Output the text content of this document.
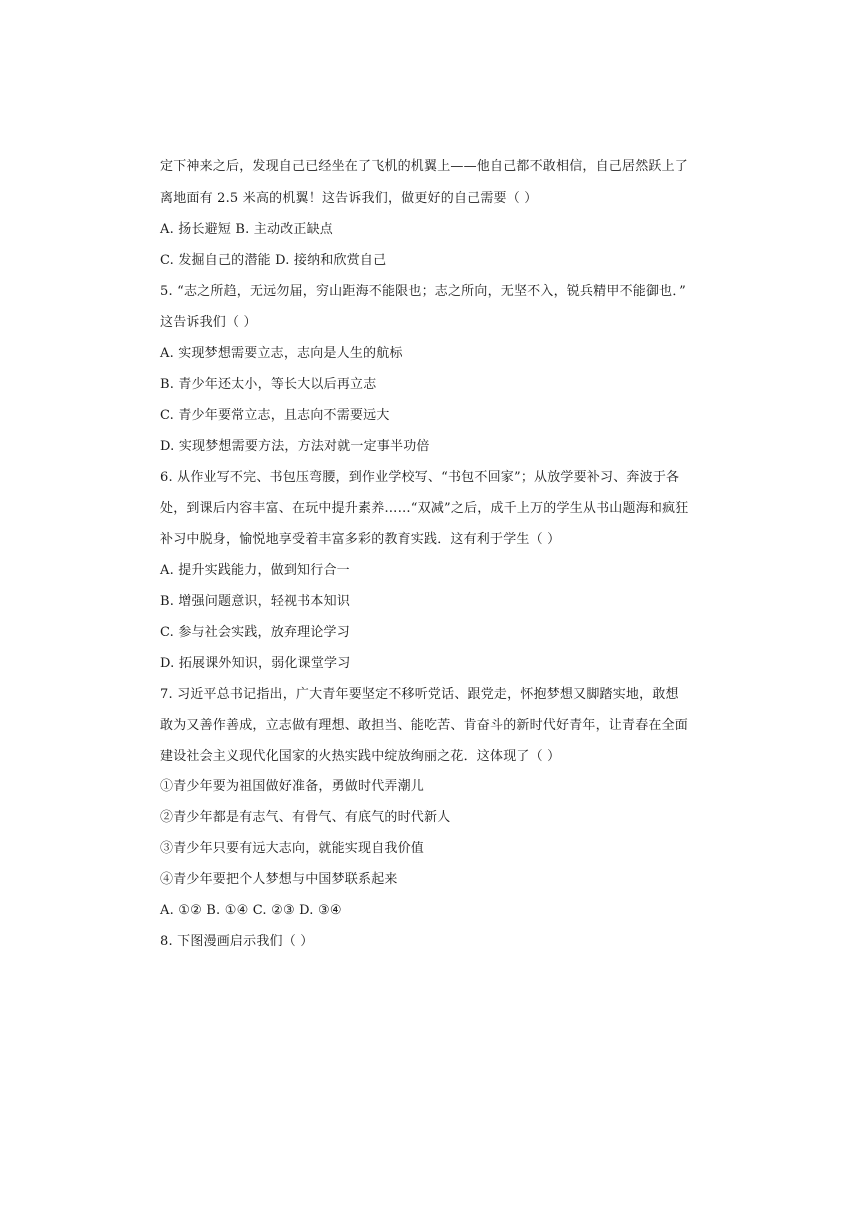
定下神来之后，发现自己已经坐在了飞机的机翼上——他自己都不敢相信，自己居然跃上了
离地面有 2.5 米高的机翼！这告诉我们，做更好的自己需要（ ）
A. 扬长避短 B. 主动改正缺点
C. 发掘自己的潜能 D. 接纳和欣赏自己
5. “志之所趋，无远勿届，穷山距海不能限也；志之所向，无坚不入，锐兵精甲不能御也．”
这告诉我们（ ）
A. 实现梦想需要立志，志向是人生的航标
B. 青少年还太小，等长大以后再立志
C. 青少年要常立志，且志向不需要远大
D. 实现梦想需要方法，方法对就一定事半功倍
6. 从作业写不完、书包压弯腰，到作业学校写、“书包不回家”；从放学要补习、奔波于各
处，到课后内容丰富、在玩中提升素养……“双减”之后，成千上万的学生从书山题海和疯狂
补习中脱身，愉悦地享受着丰富多彩的教育实践．这有利于学生（ ）
A. 提升实践能力，做到知行合一
B. 增强问题意识，轻视书本知识
C. 参与社会实践，放弃理论学习
D. 拓展课外知识，弱化课堂学习
7. 习近平总书记指出，广大青年要坚定不移听党话、跟党走，怀抱梦想又脚踏实地，敢想
敢为又善作善成，立志做有理想、敢担当、能吃苦、肯奋斗的新时代好青年，让青春在全面
建设社会主义现代化国家的火热实践中绽放绚丽之花．这体现了（ ）
②青少年都是有志气、有骨气、有底气的时代新人
①青少年要为祖国做好准备，勇做时代弄潮儿
③青少年只要有远大志向，就能实现自我价值
④青少年要把个人梦想与中国梦联系起来
A. ①② B. ①④ C. ②③ D. ③④
8. 下图漫画启示我们（ ）
